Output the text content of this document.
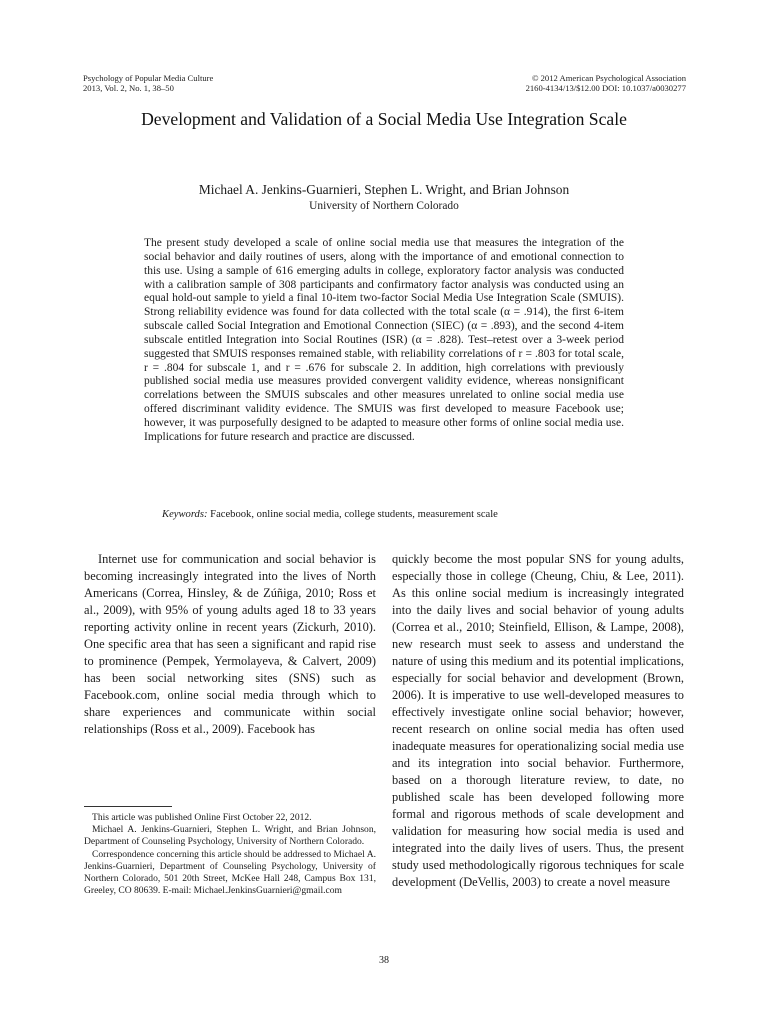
Psychology of Popular Media Culture
2013, Vol. 2, No. 1, 38–50
© 2012 American Psychological Association
2160-4134/13/$12.00 DOI: 10.1037/a0030277
Development and Validation of a Social Media Use Integration Scale
Michael A. Jenkins-Guarnieri, Stephen L. Wright, and Brian Johnson
University of Northern Colorado

The present study developed a scale of online social media use that measures the integration of the social behavior and daily routines of users, along with the importance of and emotional connection to this use. Using a sample of 616 emerging adults in college, exploratory factor analysis was conducted with a calibration sample of 308 participants and confirmatory factor analysis was conducted using an equal hold-out sample to yield a final 10-item two-factor Social Media Use Integration Scale (SMUIS). Strong reliability evidence was found for data collected with the total scale (α = .914), the first 6-item subscale called Social Integration and Emotional Connection (SIEC) (α = .893), and the second 4-item subscale entitled Integration into Social Routines (ISR) (α = .828). Test–retest over a 3-week period suggested that SMUIS responses remained stable, with reliability correlations of r = .803 for total scale, r = .804 for subscale 1, and r = .676 for subscale 2. In addition, high correlations with previously published social media use measures provided convergent validity evidence, whereas nonsignificant correlations between the SMUIS subscales and other measures unrelated to online social media use offered discriminant validity evidence. The SMUIS was first developed to measure Facebook use; however, it was purposefully designed to be adapted to measure other forms of online social media use. Implications for future research and practice are discussed.

Keywords: Facebook, online social media, college students, measurement scale

Internet use for communication and social behavior is becoming increasingly integrated into the lives of North Americans (Correa, Hinsley, & de Zúñiga, 2010; Ross et al., 2009), with 95% of young adults aged 18 to 33 years reporting activity online in recent years (Zickurh, 2010). One specific area that has seen a significant and rapid rise to prominence (Pempek, Yermolayeva, & Calvert, 2009) has been social networking sites (SNS) such as Facebook.com, online social media through which to share experiences and communicate within social relationships (Ross et al., 2009). Facebook has

quickly become the most popular SNS for young adults, especially those in college (Cheung, Chiu, & Lee, 2011). As this online social medium is increasingly integrated into the daily lives and social behavior of young adults (Correa et al., 2010; Steinfield, Ellison, & Lampe, 2008), new research must seek to assess and understand the nature of using this medium and its potential implications, especially for social behavior and development (Brown, 2006). It is imperative to use well-developed measures to effectively investigate online social behavior; however, recent research on online social media has often used inadequate measures for operationalizing social media use and its integration into social behavior. Furthermore, based on a thorough literature review, to date, no published scale has been developed following more formal and rigorous methods of scale development and validation for measuring how social media is used and integrated into the daily lives of users. Thus, the present study used methodologically rigorous techniques for scale development (DeVellis, 2003) to create a novel measure

This article was published Online First October 22, 2012.

Michael A. Jenkins-Guarnieri, Stephen L. Wright, and Brian Johnson, Department of Counseling Psychology, University of Northern Colorado.

Correspondence concerning this article should be addressed to Michael A. Jenkins-Guarnieri, Department of Counseling Psychology, University of Northern Colorado, 501 20th Street, McKee Hall 248, Campus Box 131, Greeley, CO 80639. E-mail: Michael.JenkinsGuarnieri@gmail.com

38
